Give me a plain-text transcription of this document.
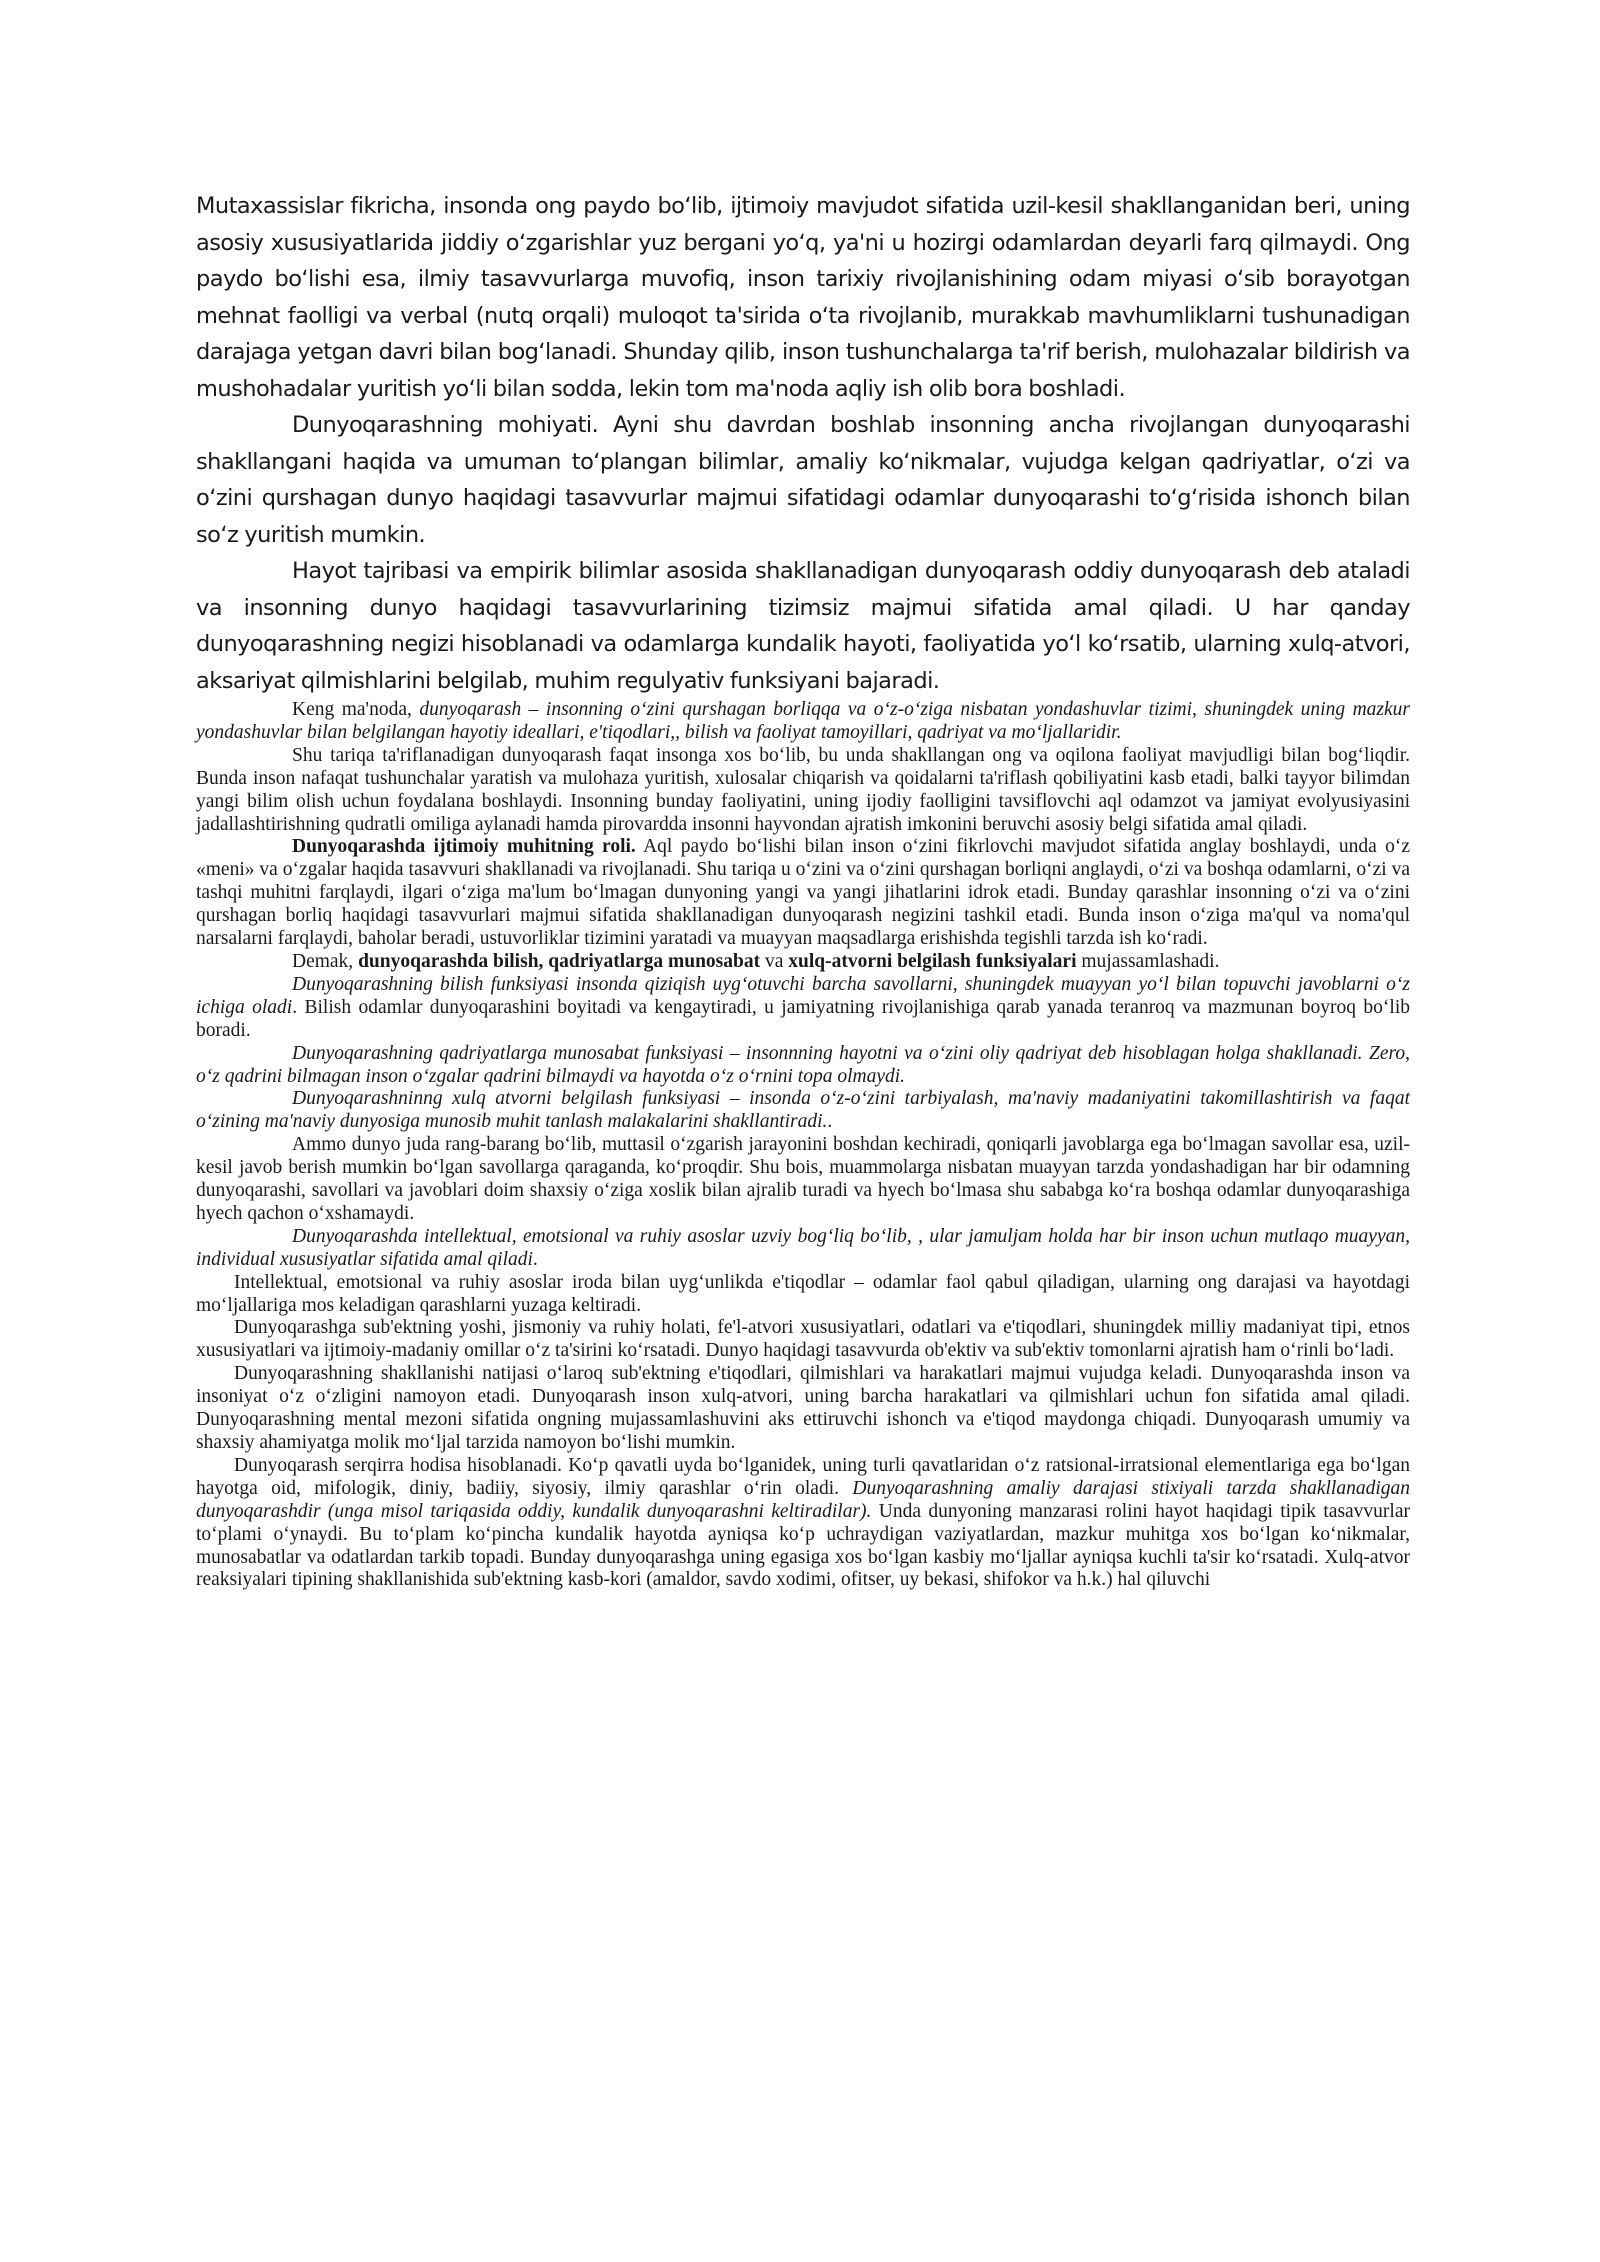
Mutaxassislar fikricha, insonda ong paydo boʻlib, ijtimoiy mavjudot sifatida uzil-kesil shakllanganidan beri, uning asosiy xususiyatlarida jiddiy oʻzgarishlar yuz bergani yoʻq, ya'ni u hozirgi odamlardan deyarli farq qilmaydi. Ong paydo boʻlishi esa, ilmiy tasavvurlarga muvofiq, inson tarixiy rivojlanishining odam miyasi oʻsib borayotgan mehnat faolligi va verbal (nutq orqali) muloqot ta'sirida oʻta rivojlanib, murakkab mavhumliklarni tushunadigan darajaga yetgan davri bilan bogʻlanadi. Shunday qilib, inson tushunchalarga ta'rif berish, mulohazalar bildirish va mushohadalar yuritish yoʻli bilan sodda, lekin tom ma'noda aqliy ish olib bora boshladi.

Dunyoqarashning mohiyati. Ayni shu davrdan boshlab insonning ancha rivojlangan dunyoqarashi shakllangani haqida va umuman toʻplangan bilimlar, amaliy koʻnikmalar, vujudga kelgan qadriyatlar, oʻzi va oʻzini qurshagan dunyo haqidagi tasavvurlar majmui sifatidagi odamlar dunyoqarashi toʻgʻrisida ishonch bilan soʻz yuritish mumkin.

Hayot tajribasi va empirik bilimlar asosida shakllanadigan dunyoqarash oddiy dunyoqarash deb ataladi va insonning dunyo haqidagi tasavvurlarining tizimsiz majmui sifatida amal qiladi. U har qanday dunyoqarashning negizi hisoblanadi va odamlarga kundalik hayoti, faoliyatida yoʻl koʻrsatib, ularning xulq-atvori, aksariyat qilmishlarini belgilab, muhim regulyativ funksiyani bajaradi.

Keng ma'noda, dunyoqarash – insonning oʻzini qurshagan borliqqa va oʻz-oʻziga nisbatan yondashuvlar tizimi, shuningdek uning mazkur yondashuvlar bilan belgilangan hayotiy ideallari, e'tiqodlari,, bilish va faoliyat tamoyillari, qadriyat va moʻljallaridir.

Shu tariqa ta'riflanadigan dunyoqarash faqat insonga xos boʻlib, bu unda shakllangan ong va oqilona faoliyat mavjudligi bilan bogʻliqdir. Bunda inson nafaqat tushunchalar yaratish va mulohaza yuritish, xulosalar chiqarish va qoidalarni ta'riflash qobiliyatini kasb etadi, balki tayyor bilimdan yangi bilim olish uchun foydalana boshlaydi. Insonning bunday faoliyatini, uning ijodiy faolligini tavsiflovchi aql odamzot va jamiyat evolyusiyasini jadallashtirishning qudratli omiliga aylanadi hamda pirovardda insonni hayvondan ajratish imkonini beruvchi asosiy belgi sifatida amal qiladi.

Dunyoqarashda ijtimoiy muhitning roli. Aql paydo boʻlishi bilan inson oʻzini fikrlovchi mavjudot sifatida anglay boshlaydi, unda oʻz «meni» va oʻzgalar haqida tasavvuri shakllanadi va rivojlanadi. Shu tariqa u oʻzini va oʻzini qurshagan borliqni anglaydi, oʻzi va boshqa odamlarni, oʻzi va tashqi muhitni farqlaydi, ilgari oʻziga ma'lum boʻlmagan dunyoning yangi va yangi jihatlarini idrok etadi. Bunday qarashlar insonning oʻzi va oʻzini qurshagan borliq haqidagi tasavvurlari majmui sifatida shakllanadigan dunyoqarash negizini tashkil etadi. Bunda inson oʻziga ma'qul va noma'qul narsalarni farqlaydi, baholar beradi, ustuvorliklar tizimini yaratadi va muayyan maqsadlarga erishishda tegishli tarzda ish koʻradi.

Demak, dunyoqarashda bilish, qadriyatlarga munosabat va xulq-atvorni belgilash funksiyalari mujassamlashadi.

Dunyoqarashning bilish funksiyasi insonda qiziqish uygʻotuvchi barcha savollarni, shuningdek muayyan yoʻl bilan topuvchi javoblarni oʻz ichiga oladi. Bilish odamlar dunyoqarashini boyitadi va kengaytiradi, u jamiyatning rivojlanishiga qarab yanada teranroq va mazmunan boyroq boʻlib boradi.

Dunyoqarashning qadriyatlarga munosabat funksiyasi – insonnning hayotni va oʻzini oliy qadriyat deb hisoblagan holga shakllanadi. Zero, oʻz qadrini bilmagan inson oʻzgalar qadrini bilmaydi va hayotda oʻz oʻrnini topa olmaydi.

Dunyoqarashninng xulq atvorni belgilash funksiyasi – insonda oʻz-oʻzini tarbiyalash, ma'naviy madaniyatini takomillashtirish va faqat oʻzining ma'naviy dunyosiga munosib muhit tanlash malakalarini shakllantiradi..

Ammo dunyo juda rang-barang boʻlib, muttasil oʻzgarish jarayonini boshdan kechiradi, qoniqarli javoblarga ega boʻlmagan savollar esa, uzil-kesil javob berish mumkin boʻlgan savollarga qaraganda, koʻproqdir. Shu bois, muammolarga nisbatan muayyan tarzda yondashadigan har bir odamning dunyoqarashi, savollari va javoblari doim shaxsiy oʻziga xoslik bilan ajralib turadi va hyech boʻlmasa shu sababga koʻra boshqa odamlar dunyoqarashiga hyech qachon oʻxshamaydi.

Dunyoqarashda intellektual, emotsional va ruhiy asoslar uzviy bogʻliq boʻlib, , ular jamuljam holda har bir inson uchun mutlaqo muayyan, individual xususiyatlar sifatida amal qiladi.

Intellektual, emotsional va ruhiy asoslar iroda bilan uygʻunlikda e'tiqodlar – odamlar faol qabul qiladigan, ularning ong darajasi va hayotdagi moʻljallariga mos keladigan qarashlarni yuzaga keltiradi.

Dunyoqarashga sub'ektning yoshi, jismoniy va ruhiy holati, fe'l-atvori xususiyatlari, odatlari va e'tiqodlari, shuningdek milliy madaniyat tipi, etnos xususiyatlari va ijtimoiy-madaniy omillar oʻz ta'sirini koʻrsatadi. Dunyo haqidagi tasavvurda ob'ektiv va sub'ektiv tomonlarni ajratish ham oʻrinli boʻladi.

Dunyoqarashning shakllanishi natijasi oʻlaroq sub'ektning e'tiqodlari, qilmishlari va harakatlari majmui vujudga keladi. Dunyoqarashda inson va insoniyat oʻz oʻzligini namoyon etadi. Dunyoqarash inson xulq-atvori, uning barcha harakatlari va qilmishlari uchun fon sifatida amal qiladi. Dunyoqarashning mental mezoni sifatida ongning mujassamlashuvini aks ettiruvchi ishonch va e'tiqod maydonga chiqadi. Dunyoqarash umumiy va shaxsiy ahamiyatga molik moʻljal tarzida namoyon boʻlishi mumkin.

Dunyoqarash serqirra hodisa hisoblanadi. Koʻp qavatli uyda boʻlganidek, uning turli qavatlaridan oʻz ratsional-irratsional elementlariga ega boʻlgan hayotga oid, mifologik, diniy, badiiy, siyosiy, ilmiy qarashlar oʻrin oladi. Dunyoqarashning amaliy darajasi stixiyali tarzda shakllanadigan dunyoqarashdir (unga misol tariqasida oddiy, kundalik dunyoqarashni keltiradilar). Unda dunyoning manzarasi rolini hayot haqidagi tipik tasavvurlar toʻplami oʻynaydi. Bu toʻplam koʻpincha kundalik hayotda ayniqsa koʻp uchraydigan vaziyatlardan, mazkur muhitga xos boʻlgan koʻnikmalar, munosabatlar va odatlardan tarkib topadi. Bunday dunyoqarashga uning egasiga xos boʻlgan kasbiy moʻljallar ayniqsa kuchli ta'sir koʻrsatadi. Xulq-atvor reaksiyalari tipining shakllanishida sub'ektning kasb-kori (amaldor, savdo xodimi, ofitser, uy bekasi, shifokor va h.k.) hal qiluvchi
